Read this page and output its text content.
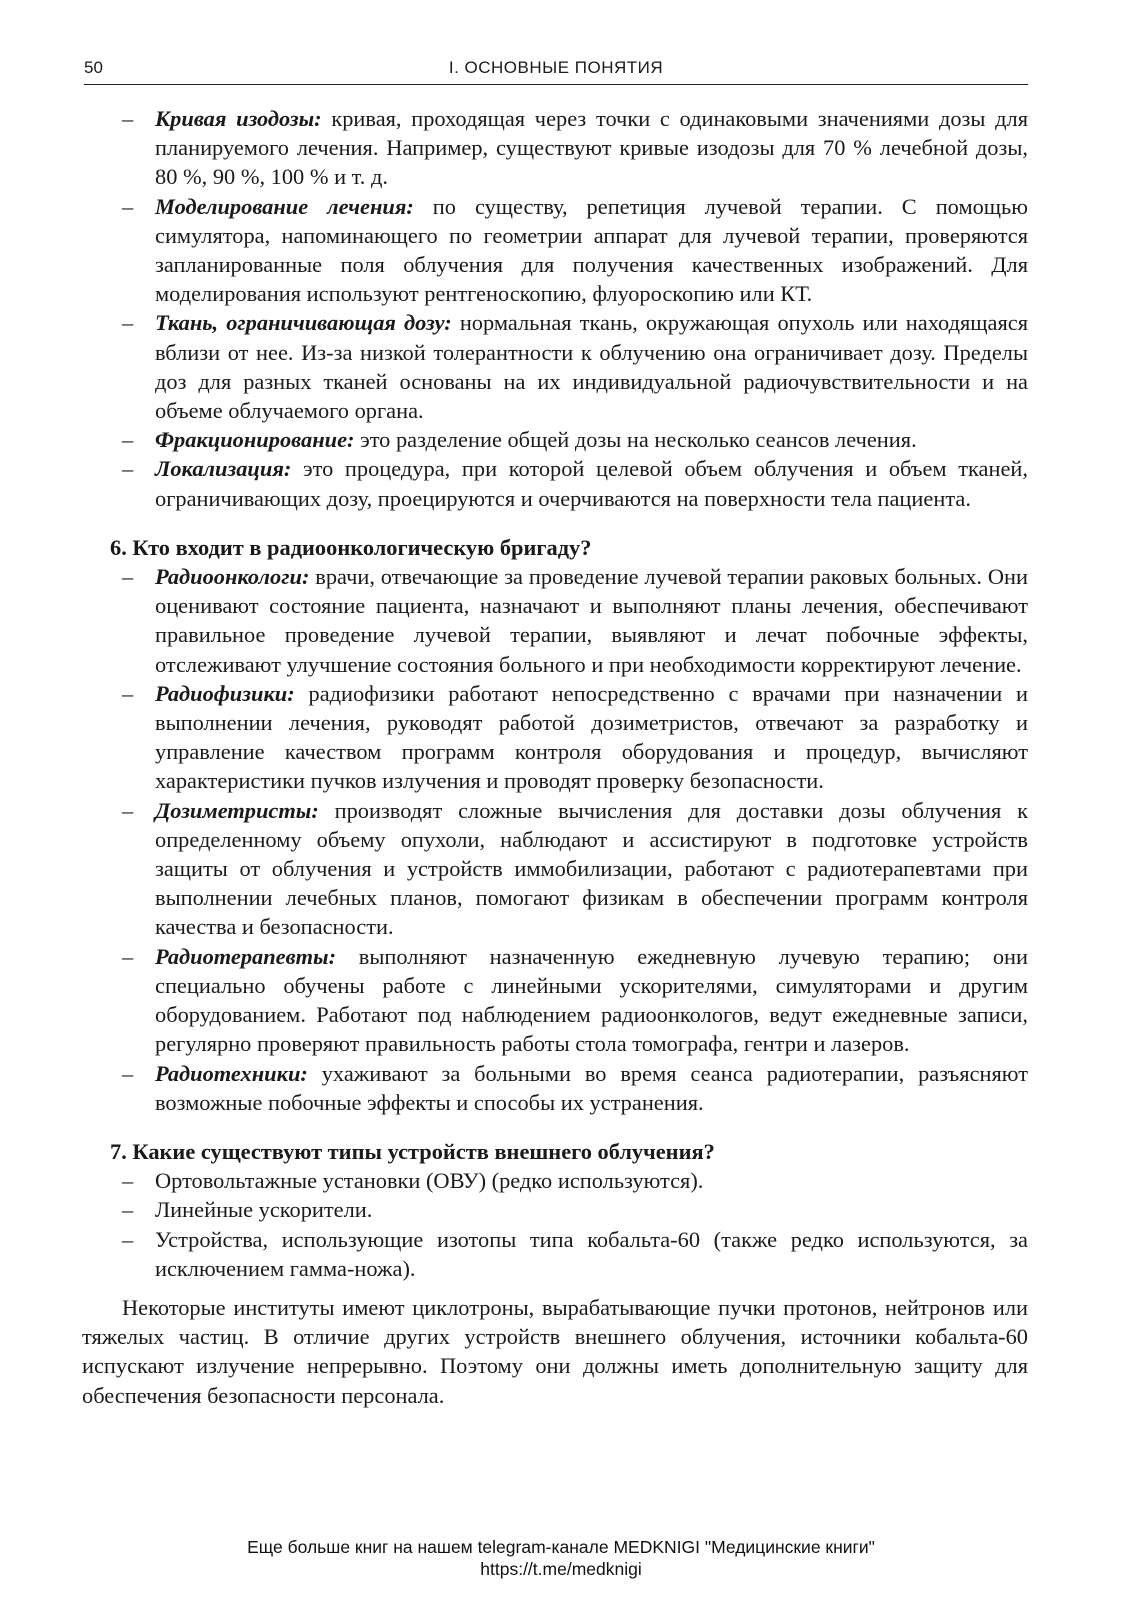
50	I. ОСНОВНЫЕ ПОНЯТИЯ

– Кривая изодозы: кривая, проходящая через точки с одинаковыми значениями дозы для планируемого лечения. Например, существуют кривые изодозы для 70 % лечебной дозы, 80 %, 90 %, 100 % и т. д.

– Моделирование лечения: по существу, репетиция лучевой терапии. С помощью симулятора, напоминающего по геометрии аппарат для лучевой терапии, проверяются запланированные поля облучения для получения качественных изображений. Для моделирования используют рентгеноскопию, флуороскопию или КТ.

– Ткань, ограничивающая дозу: нормальная ткань, окружающая опухоль или находящаяся вблизи от нее. Из-за низкой толерантности к облучению она ограничивает дозу. Пределы доз для разных тканей основаны на их индивидуальной радиочувствительности и на объеме облучаемого органа.

– Фракционирование: это разделение общей дозы на несколько сеансов лечения.

– Локализация: это процедура, при которой целевой объем облучения и объем тканей, ограничивающих дозу, проецируются и очерчиваются на поверхности тела пациента.

6. Кто входит в радиоонкологическую бригаду?

– Радиоонкологи: врачи, отвечающие за проведение лучевой терапии раковых больных. Они оценивают состояние пациента, назначают и выполняют планы лечения, обеспечивают правильное проведение лучевой терапии, выявляют и лечат побочные эффекты, отслеживают улучшение состояния больного и при необходимости корректируют лечение.

– Радиофизики: радиофизики работают непосредственно с врачами при назначении и выполнении лечения, руководят работой дозиметристов, отвечают за разработку и управление качеством программ контроля оборудования и процедур, вычисляют характеристики пучков излучения и проводят проверку безопасности.

– Дозиметристы: производят сложные вычисления для доставки дозы облучения к определенному объему опухоли, наблюдают и ассистируют в подготовке устройств защиты от облучения и устройств иммобилизации, работают с радиотерапевтами при выполнении лечебных планов, помогают физикам в обеспечении программ контроля качества и безопасности.

– Радиотерапевты: выполняют назначенную ежедневную лучевую терапию; они специально обучены работе с линейными ускорителями, симуляторами и другим оборудованием. Работают под наблюдением радиоонкологов, ведут ежедневные записи, регулярно проверяют правильность работы стола томографа, гентри и лазеров.

– Радиотехники: ухаживают за больными во время сеанса радиотерапии, разъясняют возможные побочные эффекты и способы их устранения.

7. Какие существуют типы устройств внешнего облучения?

– Ортовольтажные установки (ОВУ) (редко используются).

– Линейные ускорители.

– Устройства, использующие изотопы типа кобальта-60 (также редко используются, за исключением гамма-ножа).

Некоторые институты имеют циклотроны, вырабатывающие пучки протонов, нейтронов или тяжелых частиц. В отличие других устройств внешнего облучения, источники кобальта-60 испускают излучение непрерывно. Поэтому они должны иметь дополнительную защиту для обеспечения безопасности персонала.

Еще больше книг на нашем telegram-канале MEDKNIGI "Медицинские книги"
https://t.me/medknigi
